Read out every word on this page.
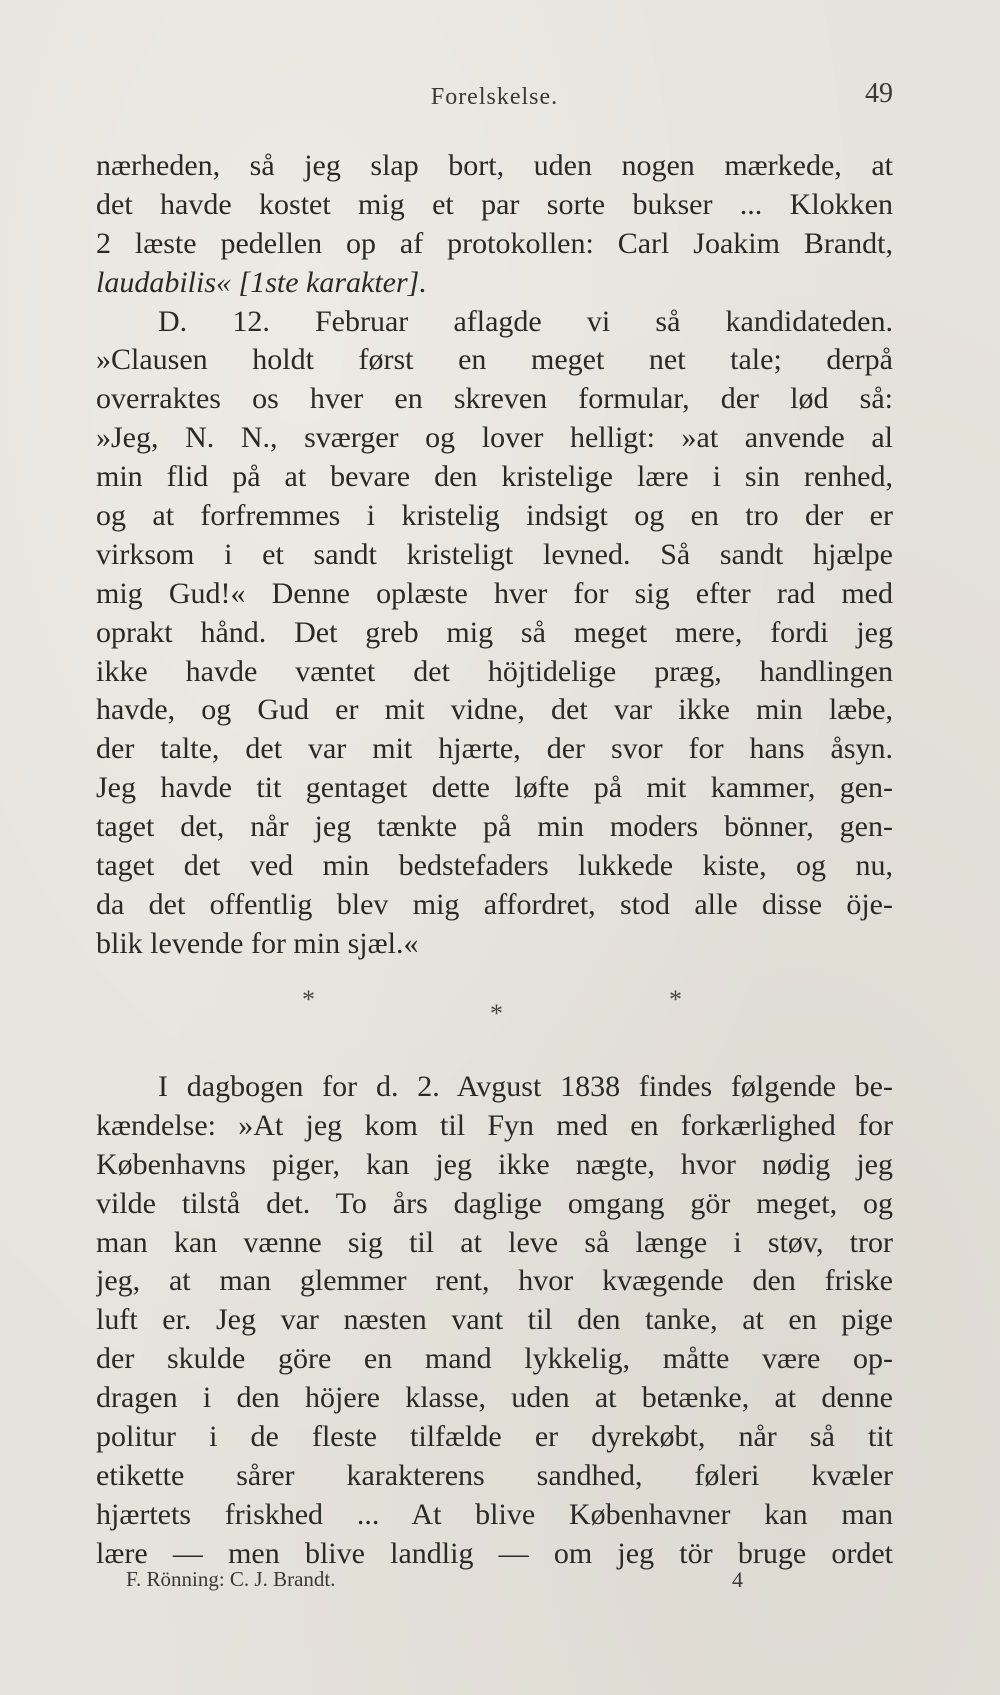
Forelskelse.	49
nærheden, så jeg slap bort, uden nogen mærkede, at
det havde kostet mig et par sorte bukser ... Klokken
2 læste pedellen op af protokollen: Carl Joakim Brandt,
laudabilis« [1ste karakter].
D. 12. Februar aflagde vi så kandidateden.
»Clausen holdt først en meget net tale; derpå
overraktes os hver en skreven formular, der lød så:
»Jeg, N. N., sværger og lover helligt: »at anvende al
min flid på at bevare den kristelige lære i sin renhed,
og at forfremmes i kristelig indsigt og en tro der er
virksom i et sandt kristeligt levned. Så sandt hjælpe
mig Gud!« Denne oplæste hver for sig efter rad med
oprakt hånd. Det greb mig så meget mere, fordi jeg
ikke havde væntet det höjtidelige præg, handlingen
havde, og Gud er mit vidne, det var ikke min læbe,
der talte, det var mit hjærte, der svor for hans åsyn.
Jeg havde tit gentaget dette løfte på mit kammer, gen-
taget det, når jeg tænkte på min moders bönner, gen-
taget det ved min bedstefaders lukkede kiste, og nu,
da det offentlig blev mig affordret, stod alle disse öje-
blik levende for min sjæl.«
*	*	*
I dagbogen for d. 2. Avgust 1838 findes følgende be-
kændelse: »At jeg kom til Fyn med en forkærlighed for
Københavns piger, kan jeg ikke nægte, hvor nødig jeg
vilde tilstå det. To års daglige omgang gör meget, og
man kan vænne sig til at leve så længe i støv, tror
jeg, at man glemmer rent, hvor kvægende den friske
luft er. Jeg var næsten vant til den tanke, at en pige
der skulde göre en mand lykkelig, måtte være op-
dragen i den höjere klasse, uden at betænke, at denne
politur i de fleste tilfælde er dyrekøbt, når så tit
etikette sårer karakterens sandhed, føleri kvæler
hjærtets friskhed ... At blive Københavner kan man
lære — men blive landlig — om jeg tör bruge ordet
F. Rönning: C. J. Brandt.	4
